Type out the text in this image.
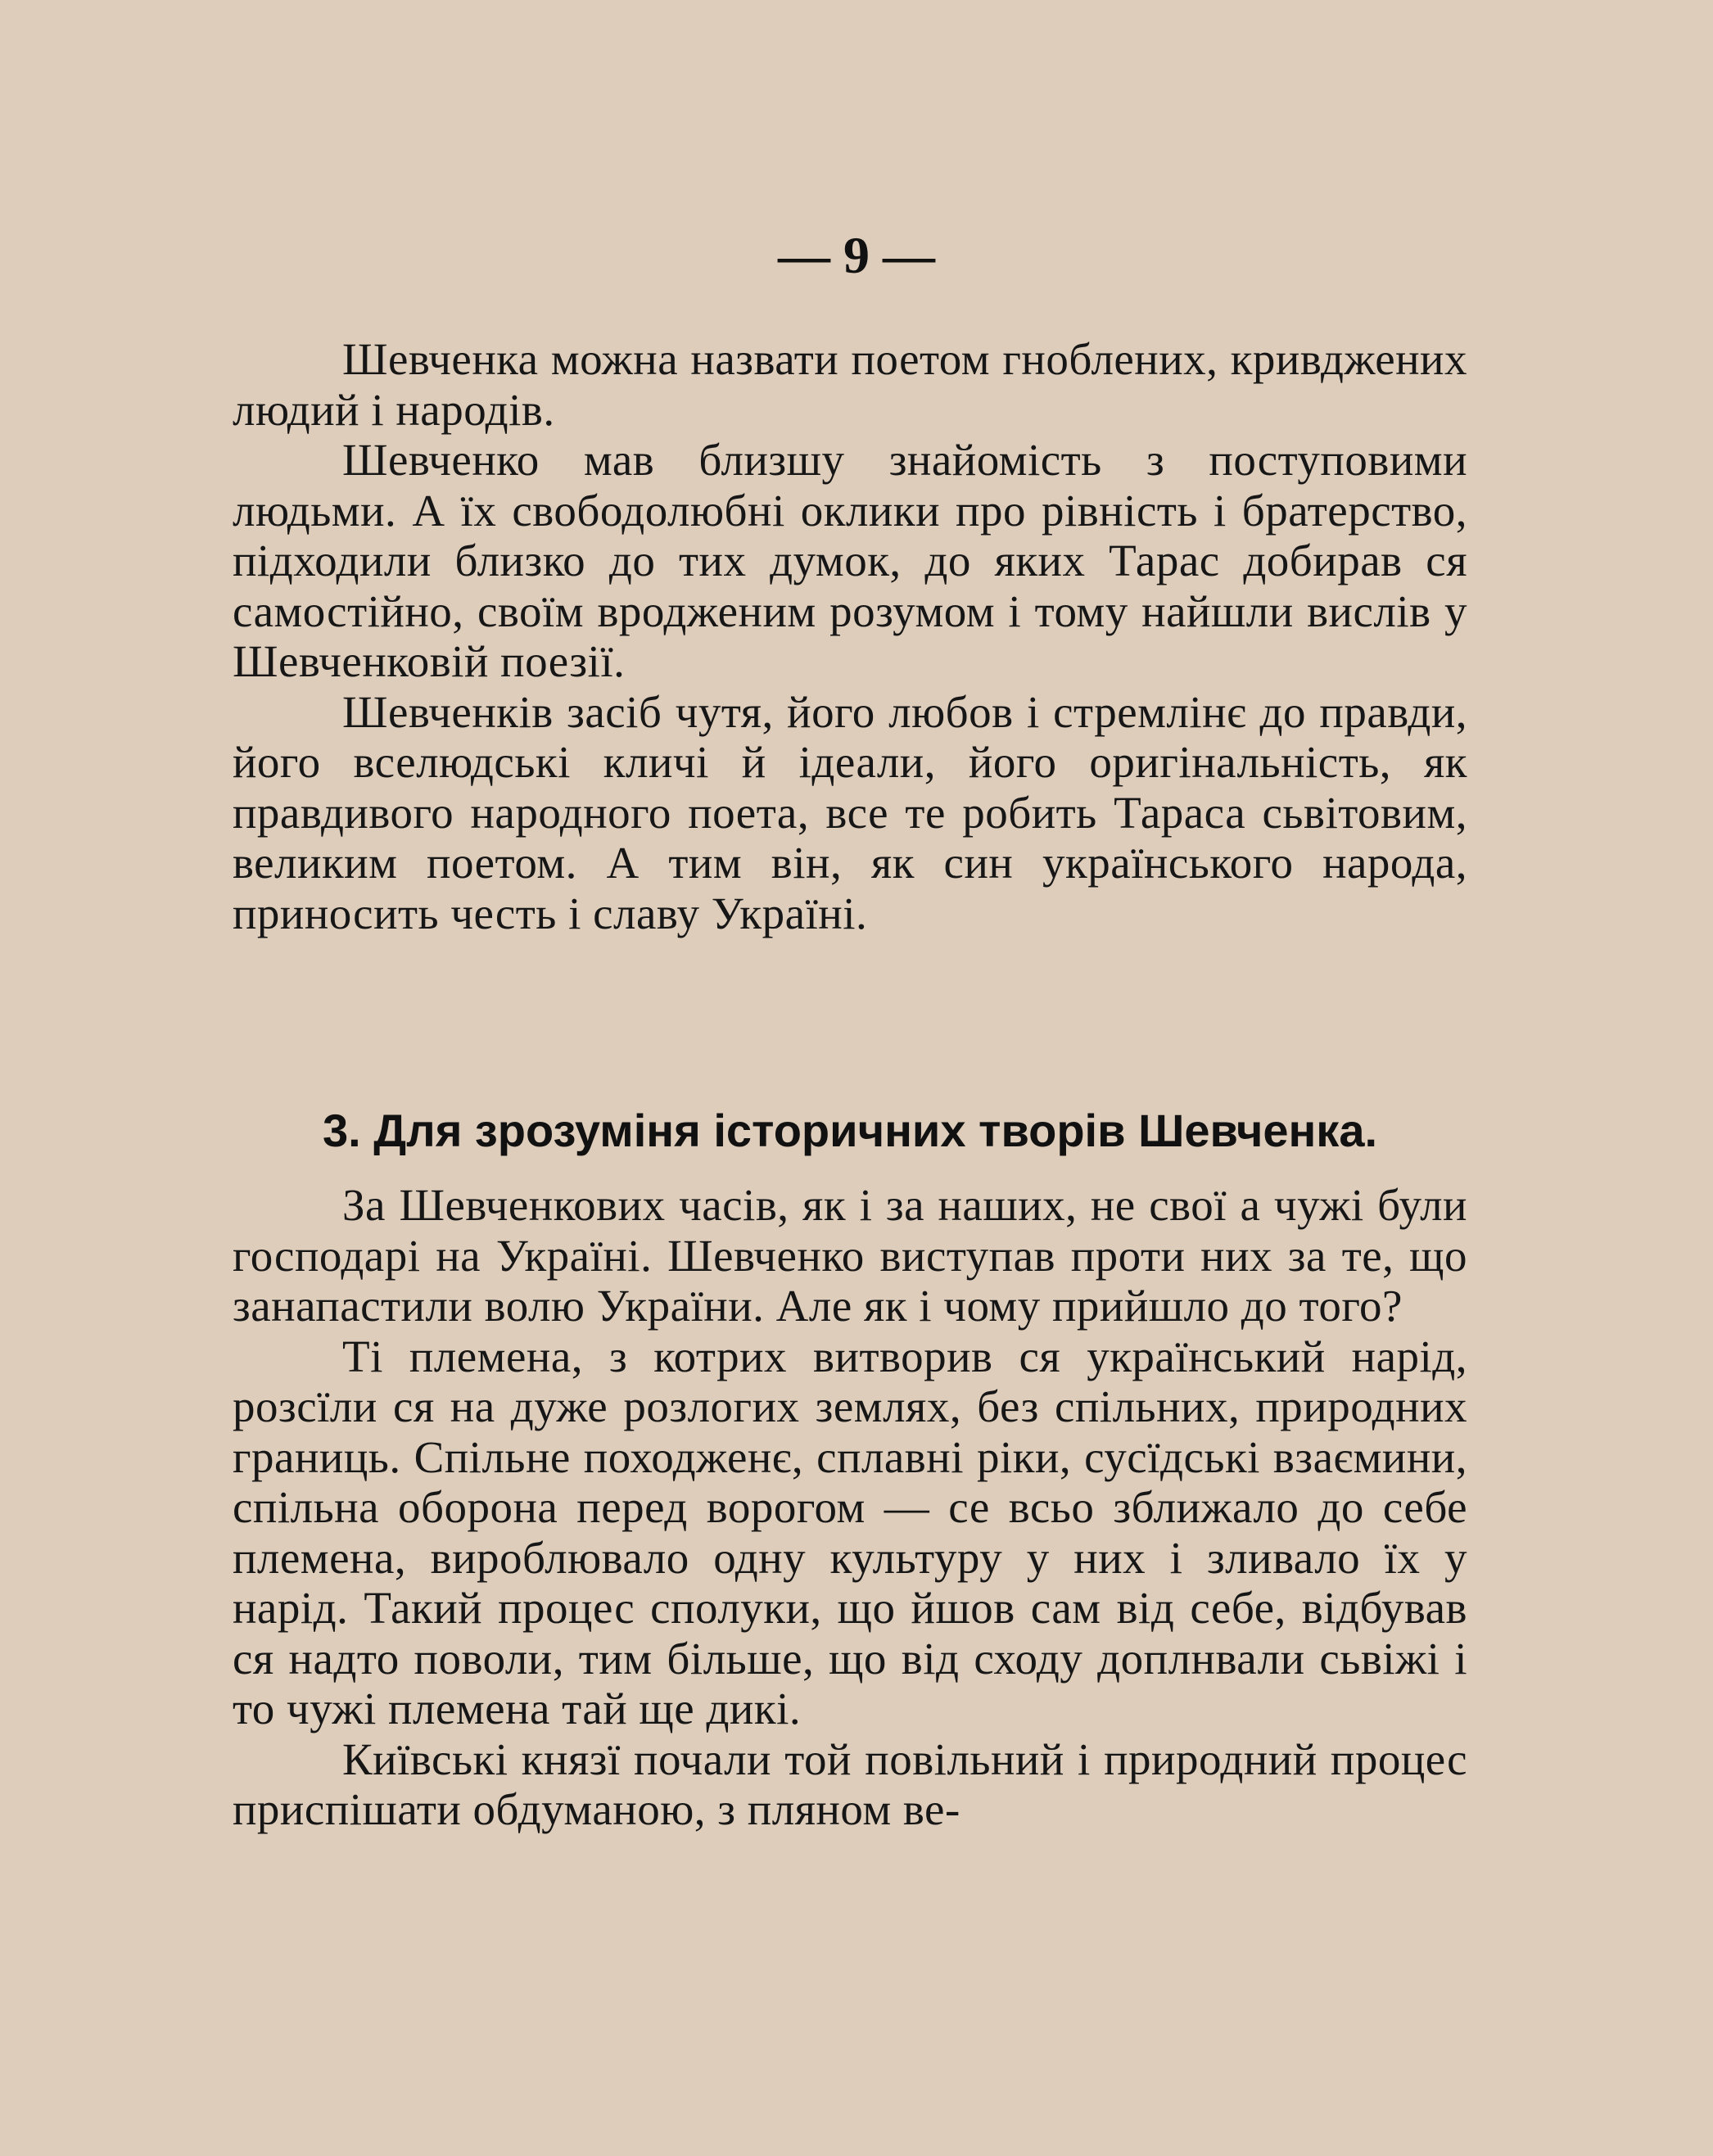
— 9 —

Шевченка можна назвати поетом гноблених, кривджених людий і народів.

Шевченко мав близшу знайомість з поступовими людьми. А їх свободолюбні оклики про рівність і братерство, підходили близко до тих думок, до яких Тарас добирав ся самостійно, своїм вродженим розумом і тому найшли вислів у Шевченковій поезії.

Шевченків засіб чутя, його любов і стремлінє до правди, його вселюдські кличі й ідеали, його оригінальність, як правдивого народного поета, все те робить Тараса сьвітовим, великим поетом. А тим він, як син українського народа, приносить честь і славу Україні.

3. Для зрозуміня історичних творів Шевченка.

За Шевченкових часів, як і за наших, не свої а чужі були господарі на Україні. Шевченко виступав проти них за те, що занапастили волю України. Але як і чому прийшло до того?

Ті племена, з котрих витворив ся український нарід, розсїли ся на дуже розлогих землях, без спільних, природних границь. Спільне походженє, сплавні ріки, сусїдські взаємини, спільна оборона перед ворогом — се всьо зближало до себе племена, вироблювало одну культуру у них і зливало їх у нарід. Такий процес сполуки, що йшов сам від себе, відбував ся надто поволи, тим більше, що від сходу доплнвали сьвіжі і то чужі племена тай ще дикі.

Київські князї почали той повільний і природний процес приспішати обдуманою, з пляном ве-
